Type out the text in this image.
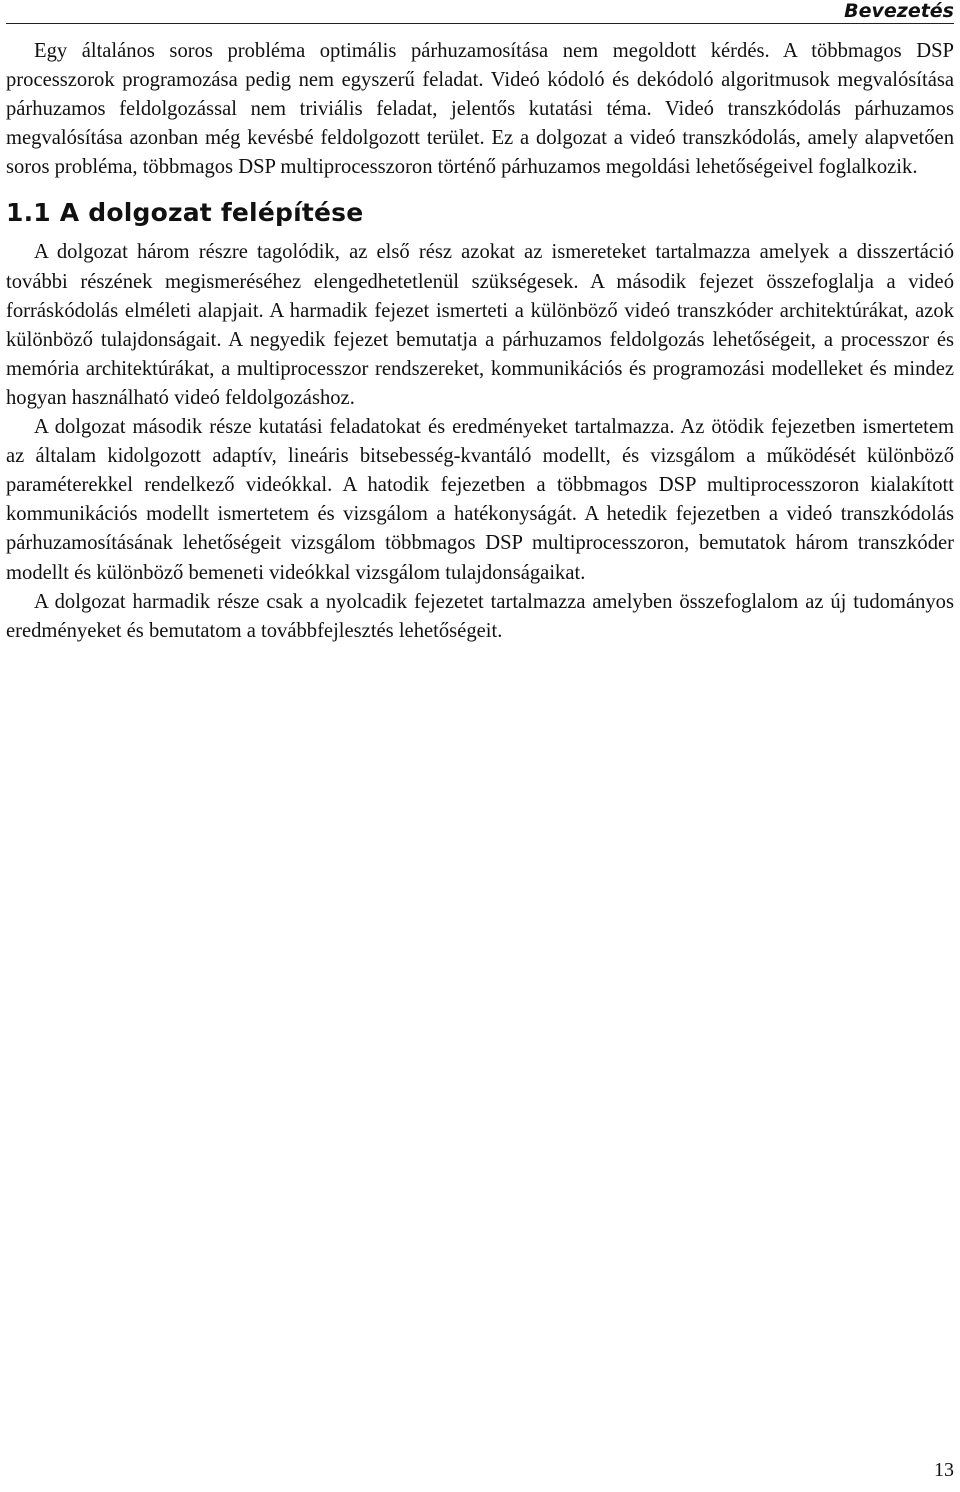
Bevezetés

Egy általános soros probléma optimális párhuzamosítása nem megoldott kérdés. A többmagos DSP processzorok programozása pedig nem egyszerű feladat. Videó kódoló és dekódoló algoritmusok megvalósítása párhuzamos feldolgozással nem triviális feladat, jelentős kutatási téma. Videó transzkódolás párhuzamos megvalósítása azonban még kevésbé feldolgozott terület. Ez a dolgozat a videó transzkódolás, amely alapvetően soros probléma, többmagos DSP multiprocesszoron történő párhuzamos megoldási lehetőségeivel foglalkozik.

1.1 A dolgozat felépítése

A dolgozat három részre tagolódik, az első rész azokat az ismereteket tartalmazza amelyek a disszertáció további részének megismeréséhez elengedhetetlenül szükségesek. A második fejezet összefoglalja a videó forráskódolás elméleti alapjait. A harmadik fejezet ismerteti a különböző videó transzkóder architektúrákat, azok különböző tulajdonságait. A negyedik fejezet bemutatja a párhuzamos feldolgozás lehetőségeit, a processzor és memória architektúrákat, a multiprocesszor rendszereket, kommunikációs és programozási modelleket és mindez hogyan használható videó feldolgozáshoz.

A dolgozat második része kutatási feladatokat és eredményeket tartalmazza. Az ötödik fejezetben ismertetem az általam kidolgozott adaptív, lineáris bitsebesség-kvantáló modellt, és vizsgálom a működését különböző paraméterekkel rendelkező videókkal. A hatodik fejezetben a többmagos DSP multiprocesszoron kialakított kommunikációs modellt ismertetem és vizsgálom a hatékonyságát. A hetedik fejezetben a videó transzkódolás párhuzamosításának lehetőségeit vizsgálom többmagos DSP multiprocesszoron, bemutatok három transzkóder modellt és különböző bemeneti videókkal vizsgálom tulajdonságaikat.

A dolgozat harmadik része csak a nyolcadik fejezetet tartalmazza amelyben összefoglalom az új tudományos eredményeket és bemutatom a továbbfejlesztés lehetőségeit.

13
